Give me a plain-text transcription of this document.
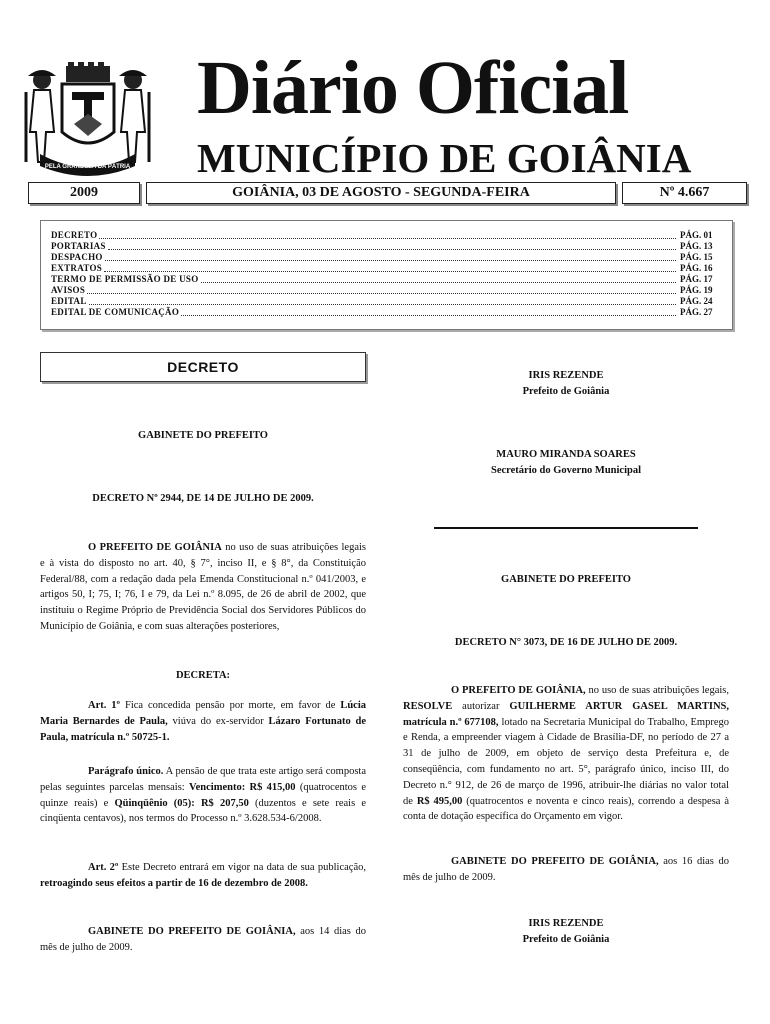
PELA GRANDEZA DA PÁTRIA
Diário Oficial
MUNICÍPIO DE GOIÂNIA
2009	GOIÂNIA, 03 DE AGOSTO - SEGUNDA-FEIRA	Nº 4.667
DECRETO	PÁG. 01
PORTARIAS	PÁG. 13
DESPACHO	PÁG. 15
EXTRATOS	PÁG. 16
TERMO DE PERMISSÃO DE USO	PÁG. 17
AVISOS	PÁG. 19
EDITAL	PÁG. 24
EDITAL DE COMUNICAÇÃO	PÁG. 27
DECRETO
GABINETE DO PREFEITO
DECRETO Nº 2944, DE 14 DE JULHO DE 2009.
O PREFEITO DE GOIÂNIA no uso de suas atribuições legais e à vista do disposto no art. 40, § 7°, inciso II, e § 8°, da Constituição Federal/88, com a redação dada pela Emenda Constitucional n.º 041/2003, e artigos 50, I; 75, I; 76, I e 79, da Lei n.º 8.095, de 26 de abril de 2002, que instituiu o Regime Próprio de Previdência Social dos Servidores Públicos do Município de Goiânia, e com suas alterações posteriores,
DECRETA:
Art. 1º Fica concedida pensão por morte, em favor de Lúcia Maria Bernardes de Paula, viúva do ex-servidor Lázaro Fortunato de Paula, matrícula n.º 50725-1.
Parágrafo único. A pensão de que trata este artigo será composta pelas seguintes parcelas mensais: Vencimento: R$ 415,00 (quatrocentos e quinze reais) e Qüinqüênio (05): R$ 207,50 (duzentos e sete reais e cinqüenta centavos), nos termos do Processo n.º 3.628.534-6/2008.
Art. 2º Este Decreto entrará em vigor na data de sua publicação, retroagindo seus efeitos a partir de 16 de dezembro de 2008.
GABINETE DO PREFEITO DE GOIÂNIA, aos 14 dias do mês de julho de 2009.
IRIS REZENDE
Prefeito de Goiânia
MAURO MIRANDA SOARES
Secretário do Governo Municipal
GABINETE DO PREFEITO
DECRETO N° 3073, DE 16 DE JULHO DE 2009.
O PREFEITO DE GOIÂNIA, no uso de suas atribuições legais, RESOLVE autorizar GUILHERME ARTUR GASEL MARTINS, matrícula n.º 677108, lotado na Secretaria Municipal do Trabalho, Emprego e Renda, a empreender viagem à Cidade de Brasília-DF, no período de 27 a 31 de julho de 2009, em objeto de serviço desta Prefeitura e, de conseqüência, com fundamento no art. 5°, parágrafo único, inciso III, do Decreto n.° 912, de 26 de março de 1996, atribuir-lhe diárias no valor total de R$ 495,00 (quatrocentos e noventa e cinco reais), correndo a despesa à conta de dotação específica do Orçamento em vigor.
GABINETE DO PREFEITO DE GOIÂNIA, aos 16 dias do mês de julho de 2009.
IRIS REZENDE
Prefeito de Goiânia
